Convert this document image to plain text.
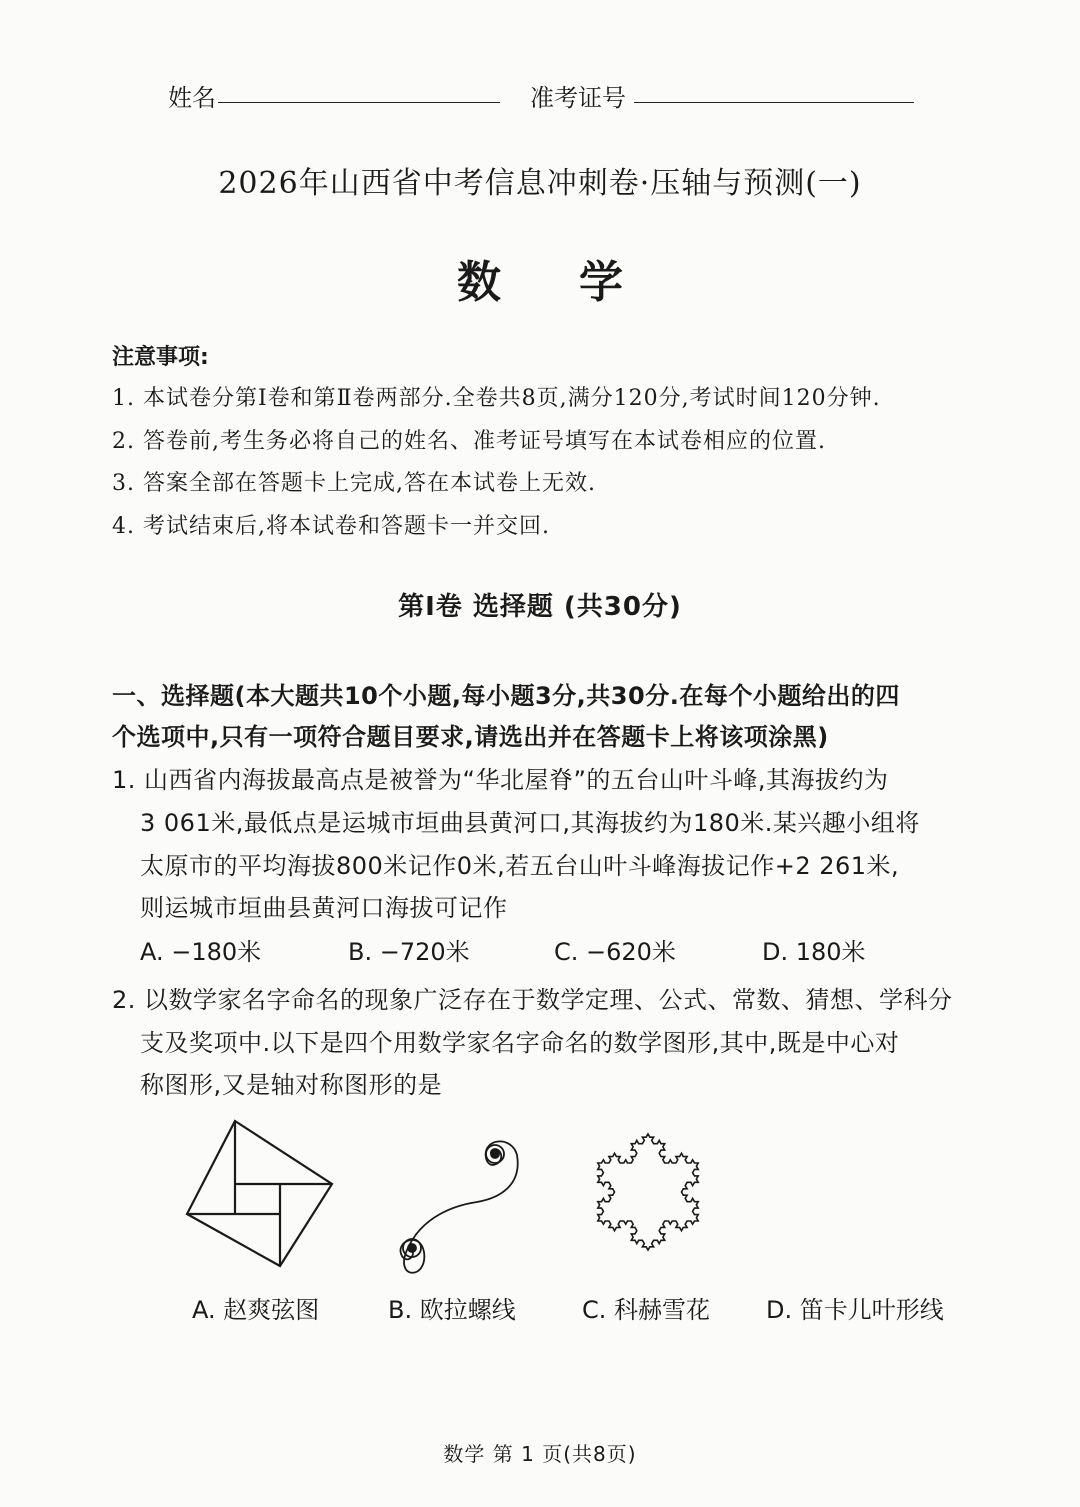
姓名	准考证号
2026年山西省中考信息冲刺卷·压轴与预测(一)
数学
注意事项:
1. 本试卷分第Ⅰ卷和第Ⅱ卷两部分.全卷共8页,满分120分,考试时间120分钟.
2. 答卷前,考生务必将自己的姓名、准考证号填写在本试卷相应的位置.
3. 答案全部在答题卡上完成,答在本试卷上无效.
4. 考试结束后,将本试卷和答题卡一并交回.
第Ⅰ卷 选择题 (共30分)
一、选择题(本大题共10个小题,每小题3分,共30分.在每个小题给出的四
个选项中,只有一项符合题目要求,请选出并在答题卡上将该项涂黑)
1. 山西省内海拔最高点是被誉为“华北屋脊”的五台山叶斗峰,其海拔约为
3 061米,最低点是运城市垣曲县黄河口,其海拔约为180米.某兴趣小组将
太原市的平均海拔800米记作0米,若五台山叶斗峰海拔记作+2 261米,
则运城市垣曲县黄河口海拔可记作
A. −180米	B. −720米	C. −620米	D. 180米
2. 以数学家名字命名的现象广泛存在于数学定理、公式、常数、猜想、学科分
支及奖项中.以下是四个用数学家名字命名的数学图形,其中,既是中心对
称图形,又是轴对称图形的是
A. 赵爽弦图	B. 欧拉螺线	C. 科赫雪花 D. 笛卡儿叶形线
数学 第 1 页(共8页)
